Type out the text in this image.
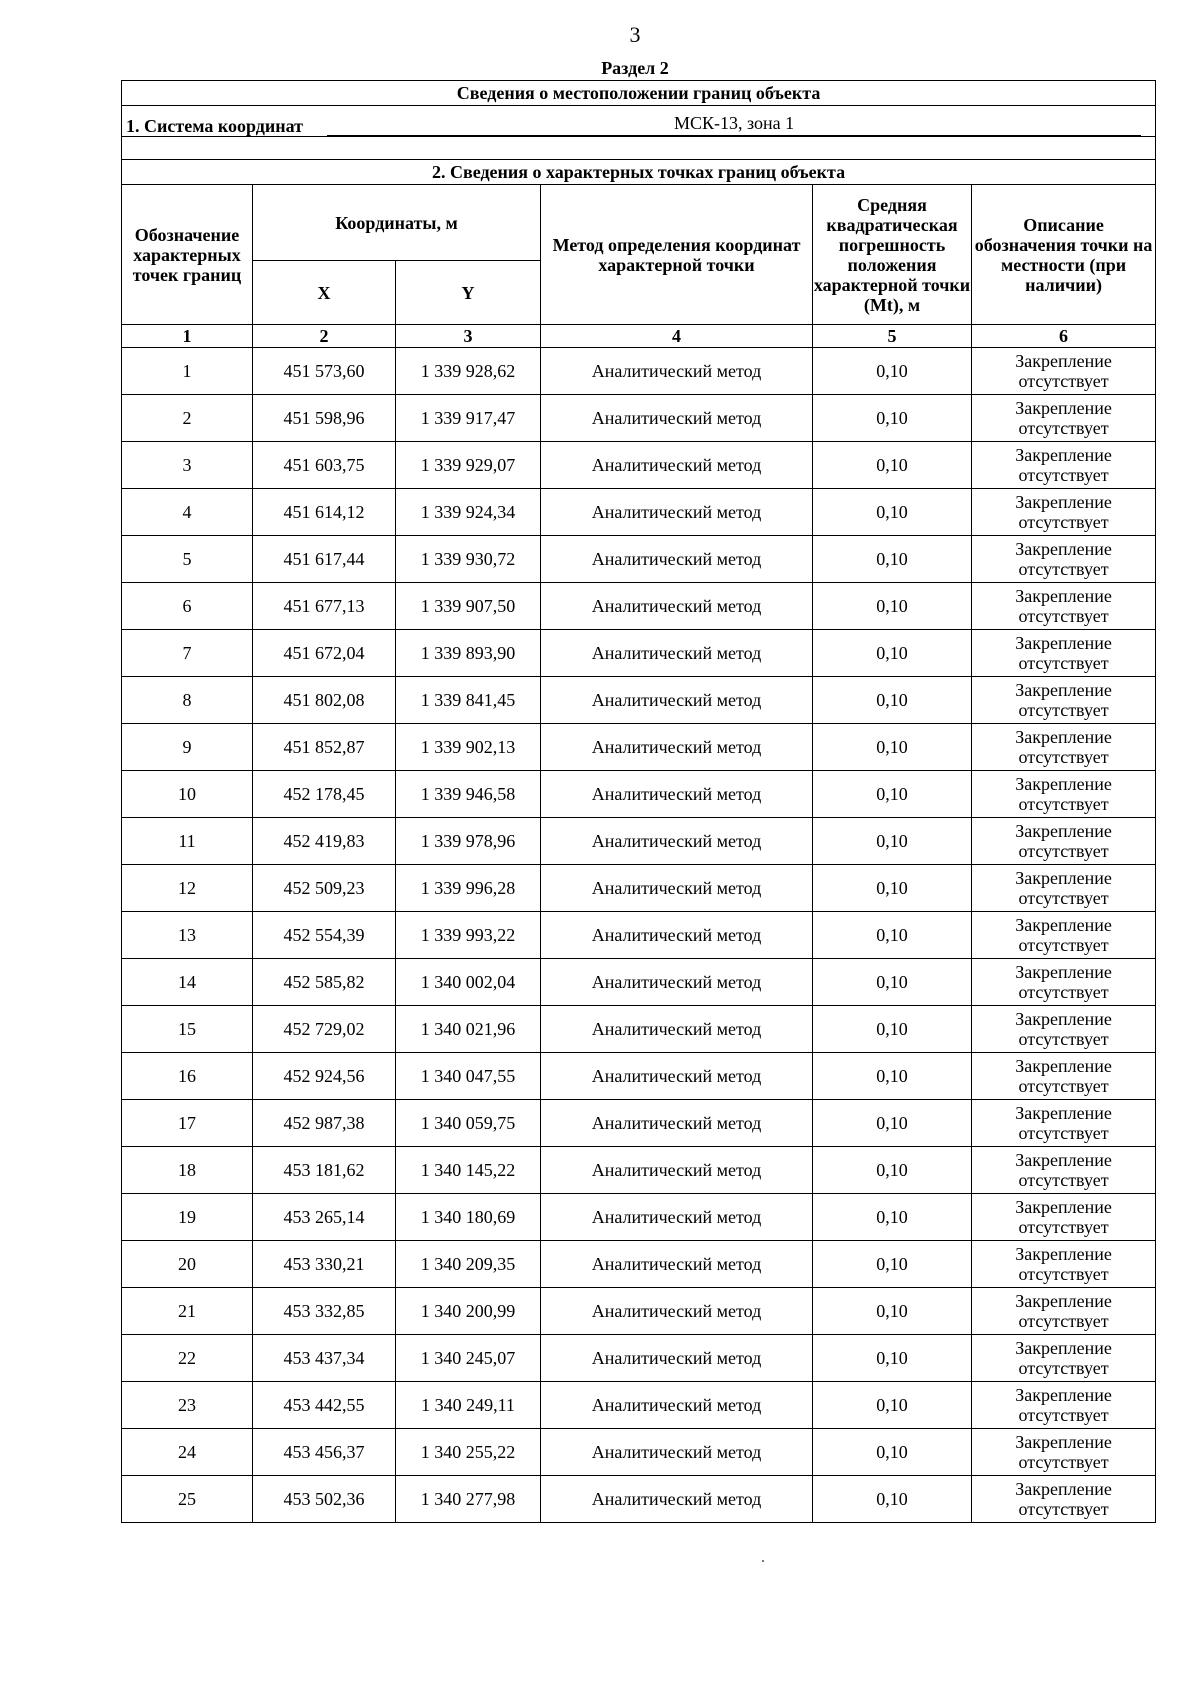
3
Раздел 2
Сведения о местоположении границ объекта					

1. Система координат МСК-13, зона 1					

2. Сведения о характерных точках границ объекта					
Обозначение характерных точек границ	Координаты, м		Метод определения координат характерной точки	Средняя квадратическая погрешность положения характерной точки (Mt), м	Описание обозначения точки на местности (при наличии)
	X	Y			
1	2	3	4	5	6
1	451 573,60	1 339 928,62	Аналитический метод	0,10	Закрепление отсутствует
2	451 598,96	1 339 917,47	Аналитический метод	0,10	Закрепление отсутствует
3	451 603,75	1 339 929,07	Аналитический метод	0,10	Закрепление отсутствует
4	451 614,12	1 339 924,34	Аналитический метод	0,10	Закрепление отсутствует
5	451 617,44	1 339 930,72	Аналитический метод	0,10	Закрепление отсутствует
6	451 677,13	1 339 907,50	Аналитический метод	0,10	Закрепление отсутствует
7	451 672,04	1 339 893,90	Аналитический метод	0,10	Закрепление отсутствует
8	451 802,08	1 339 841,45	Аналитический метод	0,10	Закрепление отсутствует
9	451 852,87	1 339 902,13	Аналитический метод	0,10	Закрепление отсутствует
10	452 178,45	1 339 946,58	Аналитический метод	0,10	Закрепление отсутствует
11	452 419,83	1 339 978,96	Аналитический метод	0,10	Закрепление отсутствует
12	452 509,23	1 339 996,28	Аналитический метод	0,10	Закрепление отсутствует
13	452 554,39	1 339 993,22	Аналитический метод	0,10	Закрепление отсутствует
14	452 585,82	1 340 002,04	Аналитический метод	0,10	Закрепление отсутствует
15	452 729,02	1 340 021,96	Аналитический метод	0,10	Закрепление отсутствует
16	452 924,56	1 340 047,55	Аналитический метод	0,10	Закрепление отсутствует
17	452 987,38	1 340 059,75	Аналитический метод	0,10	Закрепление отсутствует
18	453 181,62	1 340 145,22	Аналитический метод	0,10	Закрепление отсутствует
19	453 265,14	1 340 180,69	Аналитический метод	0,10	Закрепление отсутствует
20	453 330,21	1 340 209,35	Аналитический метод	0,10	Закрепление отсутствует
21	453 332,85	1 340 200,99	Аналитический метод	0,10	Закрепление отсутствует
22	453 437,34	1 340 245,07	Аналитический метод	0,10	Закрепление отсутствует
23	453 442,55	1 340 249,11	Аналитический метод	0,10	Закрепление отсутствует
24	453 456,37	1 340 255,22	Аналитический метод	0,10	Закрепление отсутствует
25	453 502,36	1 340 277,98	Аналитический метод	0,10	Закрепление отсутствует
